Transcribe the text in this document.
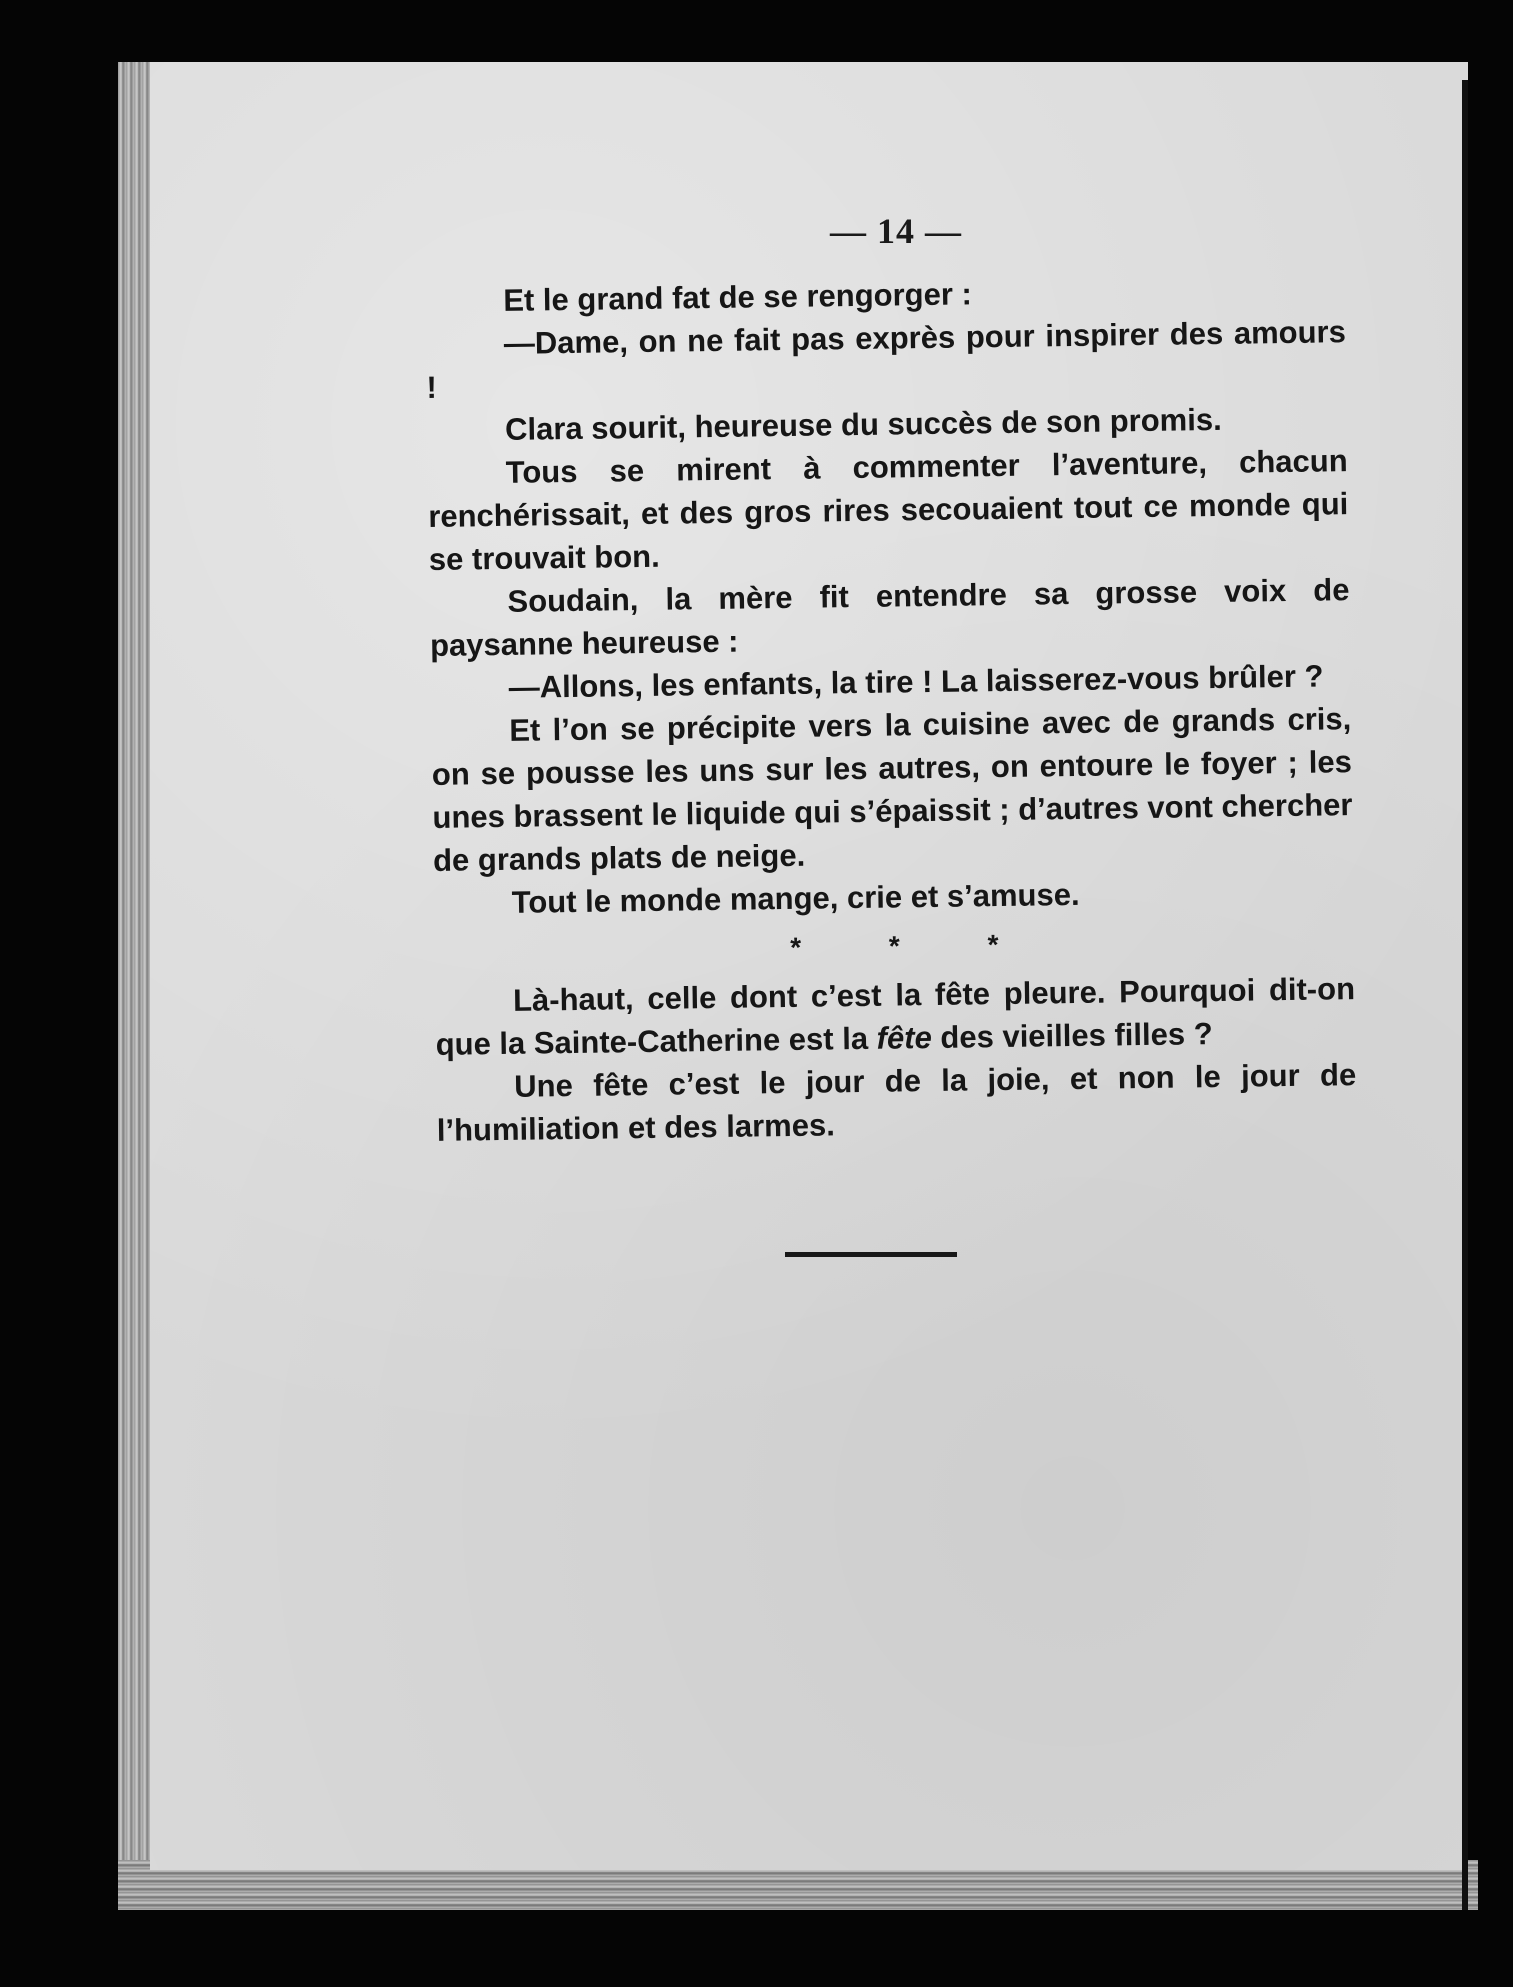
— 14 —

Et le grand fat de se rengorger :

—Dame, on ne fait pas exprès pour inspirer des amours !

Clara sourit, heureuse du succès de son promis.

Tous se mirent à commenter l’aventure, chacun renchérissait, et des gros rires secouaient tout ce monde qui se trouvait bon.

Soudain, la mère fit entendre sa grosse voix de paysanne heureuse :

—Allons, les enfants, la tire ! La laisserez-vous brûler ?

Et l’on se précipite vers la cuisine avec de grands cris, on se pousse les uns sur les autres, on entoure le foyer ; les unes brassent le liquide qui s’épaissit ; d’autres vont chercher de grands plats de neige.

Tout le monde mange, crie et s’amuse.

* * *

Là-haut, celle dont c’est la fête pleure. Pourquoi dit-on que la Sainte-Catherine est la fête des vieilles filles ?

Une fête c’est le jour de la joie, et non le jour de l’humiliation et des larmes.
